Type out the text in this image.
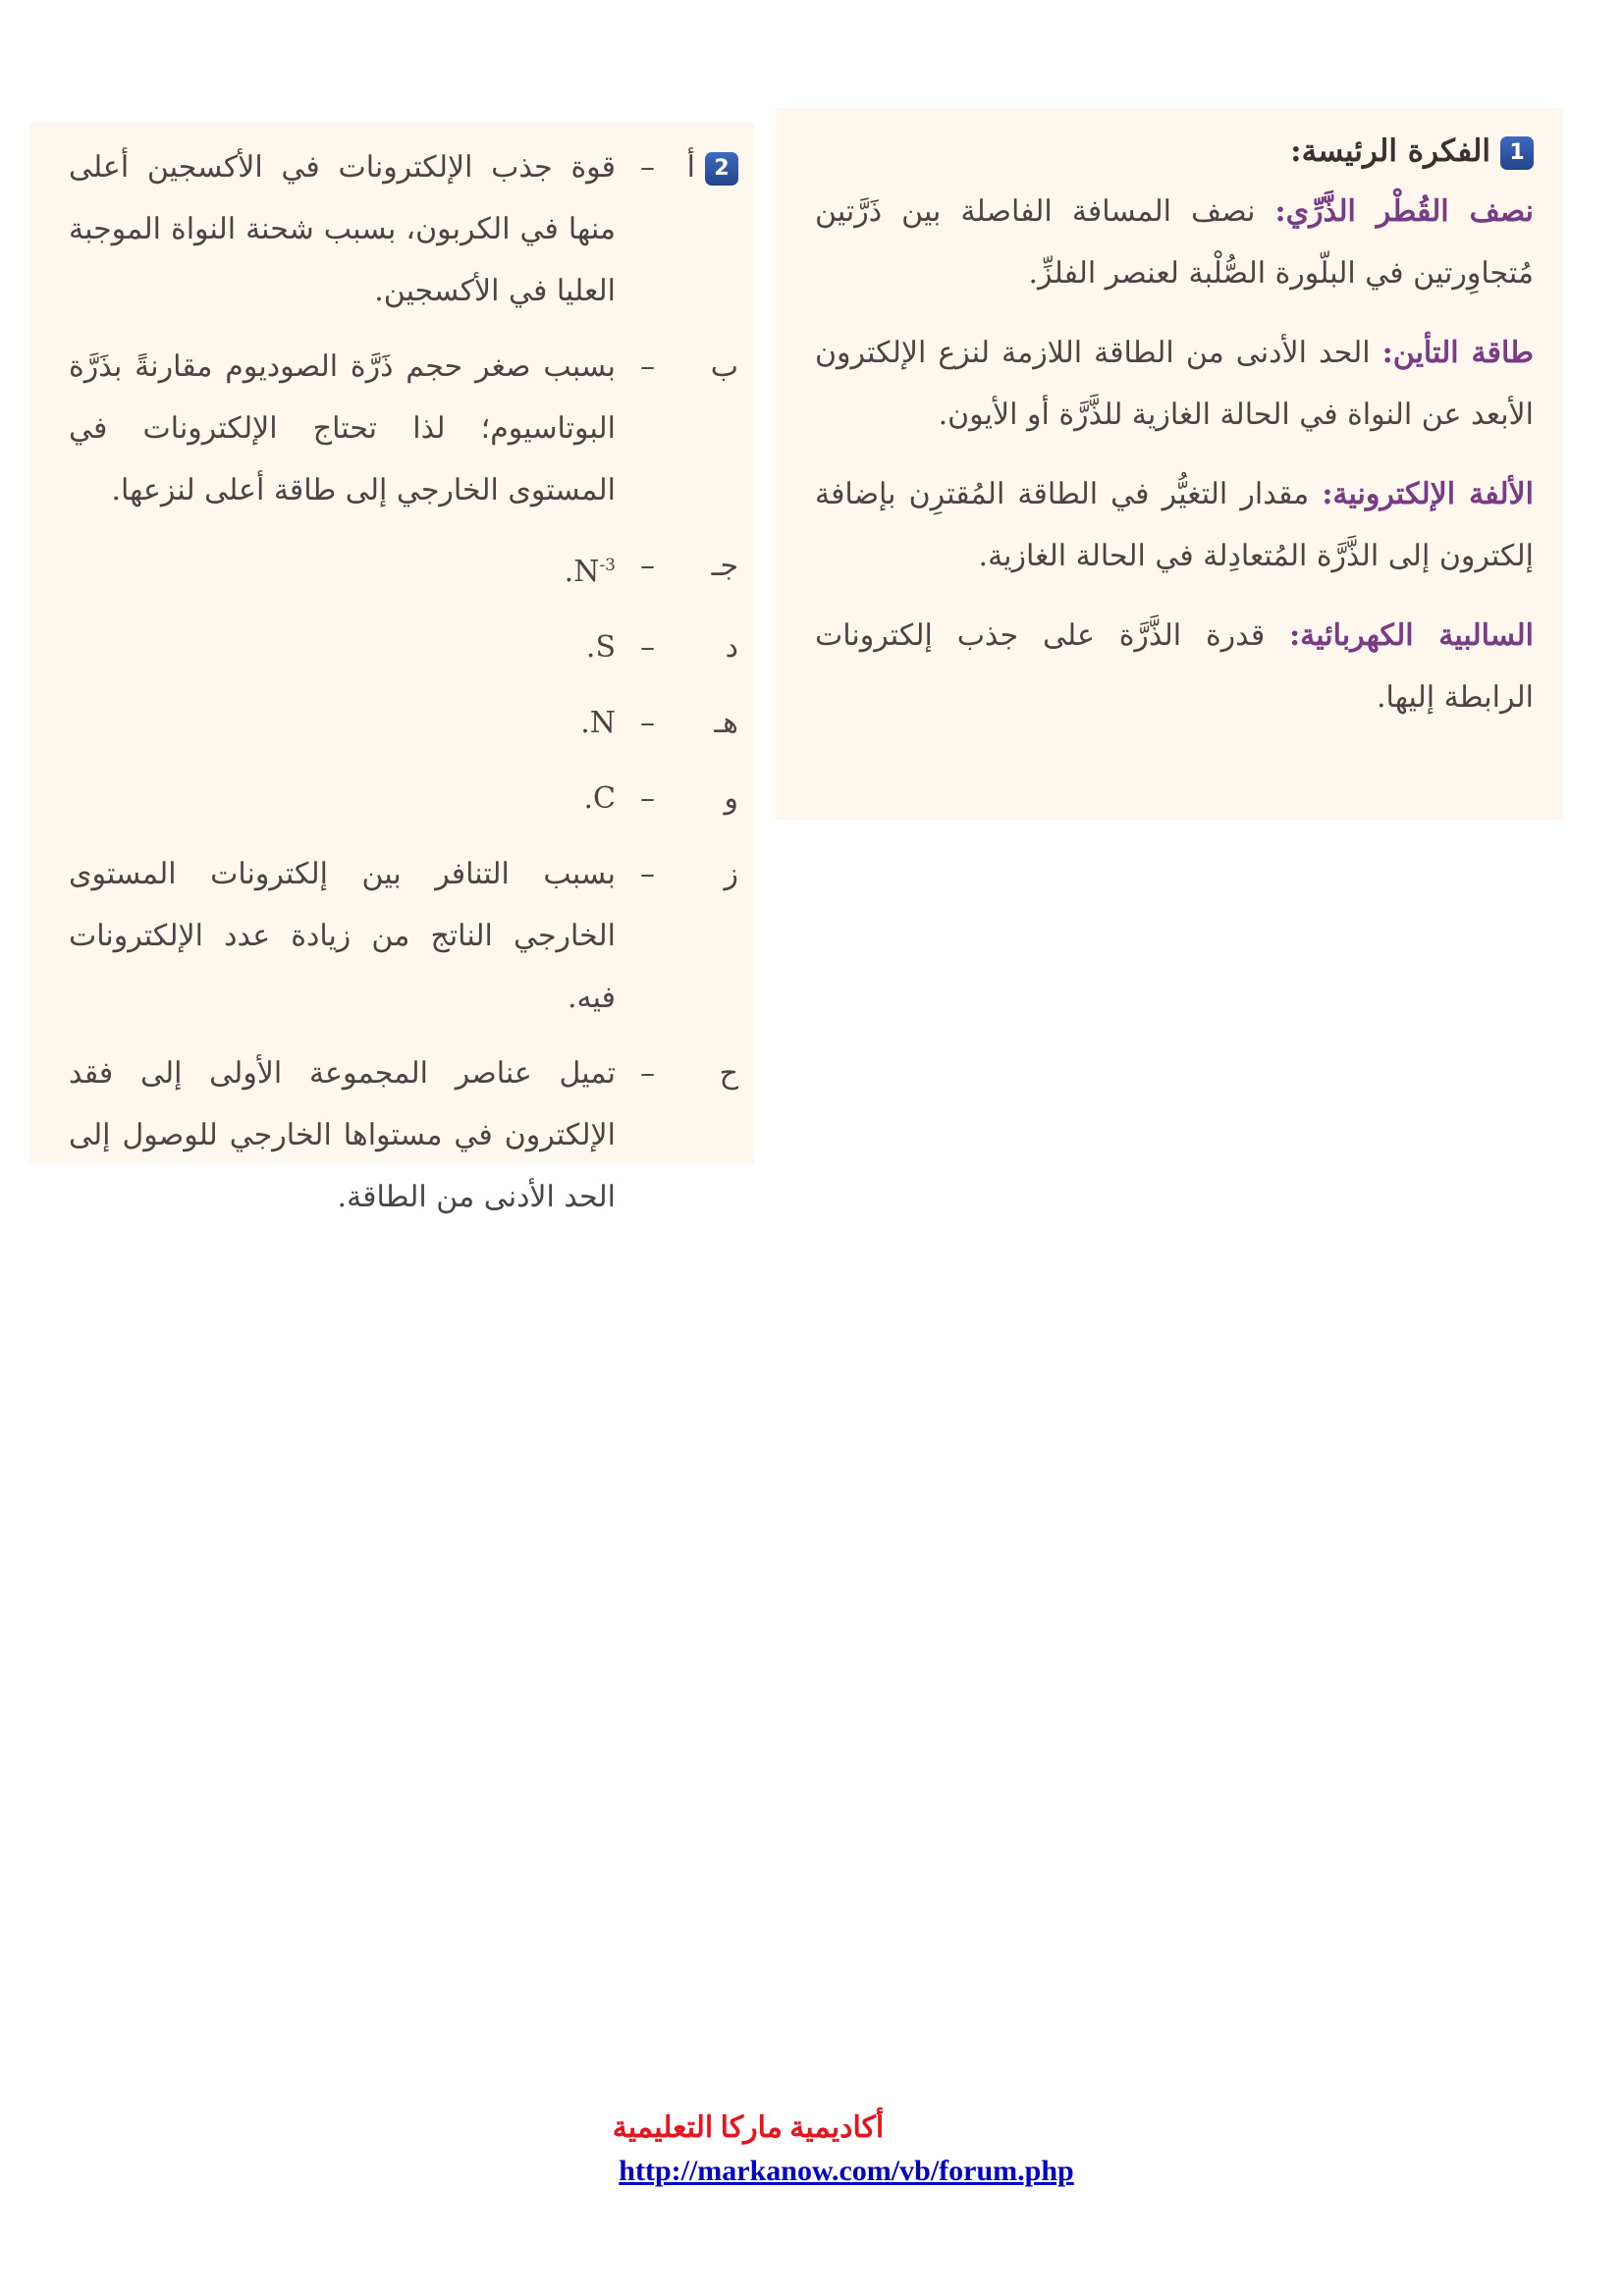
1الفكرة الرئيسة:

نصف القُطْر الذَّرِّي: نصف المسافة الفاصلة بين ذَرَّتين مُتجاوِرتين في البلّورة الصُّلْبة لعنصر الفلزِّ.

طاقة التأين: الحد الأدنى من الطاقة اللازمة لنزع الإلكترون الأبعد عن النواة في الحالة الغازية للذَّرَّة أو الأيون.

الألفة الإلكترونية: مقدار التغيُّر في الطاقة المُقترِن بإضافة إلكترون إلى الذَّرَّة المُتعادِلة في الحالة الغازية.

السالبية الكهربائية: قدرة الذَّرَّة على جذب إلكترونات الرابطة إليها.

2أ
–
قوة جذب الإلكترونات في الأكسجين أعلى منها في الكربون، بسبب شحنة النواة الموجبة العليا في الأكسجين.
ب
–
بسبب صغر حجم ذَرَّة الصوديوم مقارنةً بذَرَّة البوتاسيوم؛ لذا تحتاج الإلكترونات في المستوى الخارجي إلى طاقة أعلى لنزعها.
جـ
–
$N^{-3}$.
د
–
S.
هـ
–
N.
و
–
C.
ز
–
بسبب التنافر بين إلكترونات المستوى الخارجي الناتج من زيادة عدد الإلكترونات فيه.
ح
–
تميل عناصر المجموعة الأولى إلى فقد الإلكترون في مستواها الخارجي للوصول إلى الحد الأدنى من الطاقة.
أكاديمية ماركا التعليمية
http://markanow.com/vb/forum.php
